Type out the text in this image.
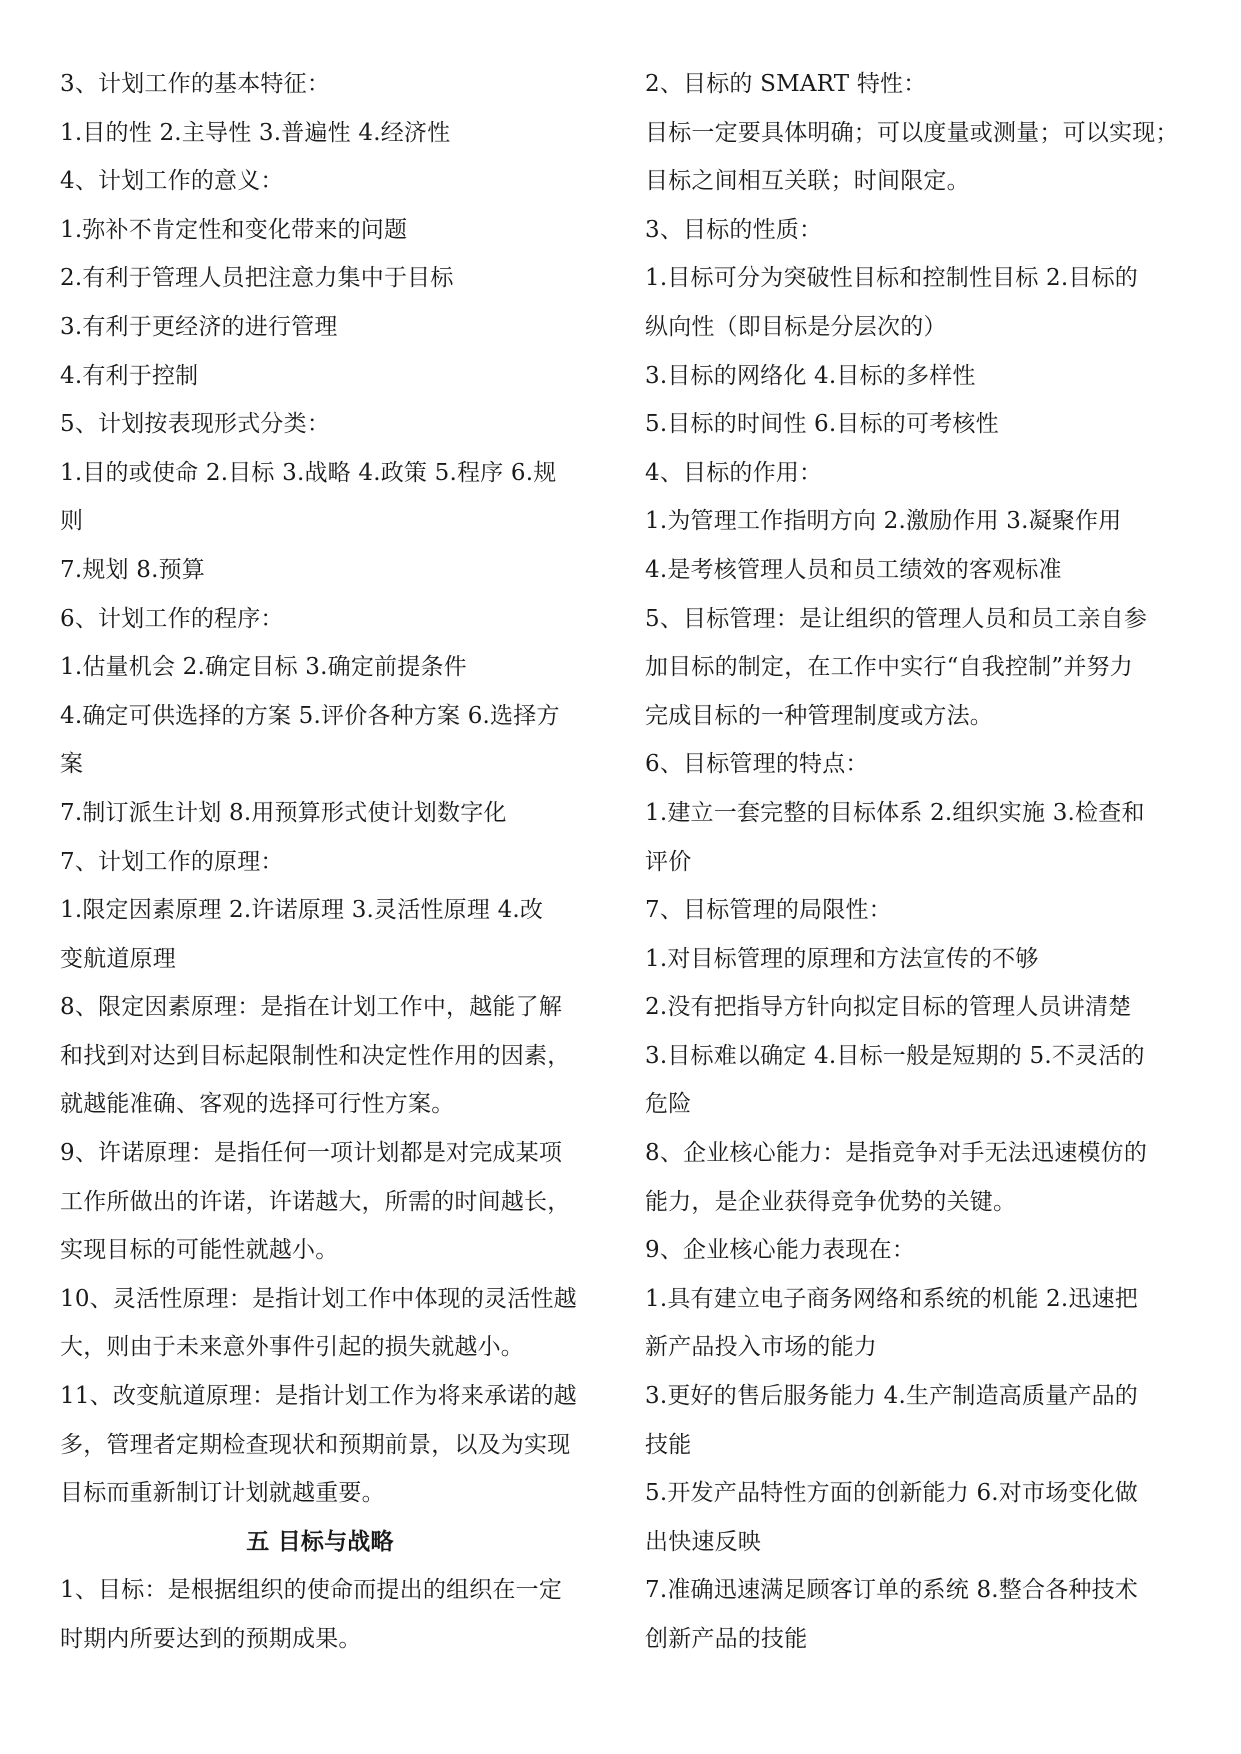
3、计划工作的基本特征：
1.目的性 2.主导性 3.普遍性 4.经济性
4、计划工作的意义：
1.弥补不肯定性和变化带来的问题
2.有利于管理人员把注意力集中于目标
3.有利于更经济的进行管理
4.有利于控制
5、计划按表现形式分类：
1.目的或使命 2.目标 3.战略 4.政策 5.程序 6.规
则
7.规划 8.预算
6、计划工作的程序：
1.估量机会 2.确定目标 3.确定前提条件
4.确定可供选择的方案 5.评价各种方案 6.选择方
案
7.制订派生计划 8.用预算形式使计划数字化
7、计划工作的原理：
1.限定因素原理 2.许诺原理 3.灵活性原理 4.改
变航道原理
8、限定因素原理：是指在计划工作中，越能了解
和找到对达到目标起限制性和决定性作用的因素，
就越能准确、客观的选择可行性方案。
9、许诺原理：是指任何一项计划都是对完成某项
工作所做出的许诺，许诺越大，所需的时间越长，
实现目标的可能性就越小。
10、灵活性原理：是指计划工作中体现的灵活性越
大，则由于未来意外事件引起的损失就越小。
11、改变航道原理：是指计划工作为将来承诺的越
多，管理者定期检查现状和预期前景，以及为实现
目标而重新制订计划就越重要。
五 目标与战略
1、目标：是根据组织的使命而提出的组织在一定
时期内所要达到的预期成果。
2、目标的 SMART 特性：
目标一定要具体明确；可以度量或测量；可以实现；
目标之间相互关联；时间限定。
3、目标的性质：
1.目标可分为突破性目标和控制性目标 2.目标的
纵向性（即目标是分层次的）
3.目标的网络化 4.目标的多样性
5.目标的时间性 6.目标的可考核性
4、目标的作用：
1.为管理工作指明方向 2.激励作用 3.凝聚作用
4.是考核管理人员和员工绩效的客观标准
5、目标管理：是让组织的管理人员和员工亲自参
加目标的制定，在工作中实行“自我控制”并努力
完成目标的一种管理制度或方法。
6、目标管理的特点：
1.建立一套完整的目标体系 2.组织实施 3.检查和
评价
7、目标管理的局限性：
1.对目标管理的原理和方法宣传的不够
2.没有把指导方针向拟定目标的管理人员讲清楚
3.目标难以确定 4.目标一般是短期的 5.不灵活的
危险
8、企业核心能力：是指竞争对手无法迅速模仿的
能力，是企业获得竞争优势的关键。
9、企业核心能力表现在：
1.具有建立电子商务网络和系统的机能 2.迅速把
新产品投入市场的能力
3.更好的售后服务能力 4.生产制造高质量产品的
技能
5.开发产品特性方面的创新能力 6.对市场变化做
出快速反映
7.准确迅速满足顾客订单的系统 8.整合各种技术
创新产品的技能
